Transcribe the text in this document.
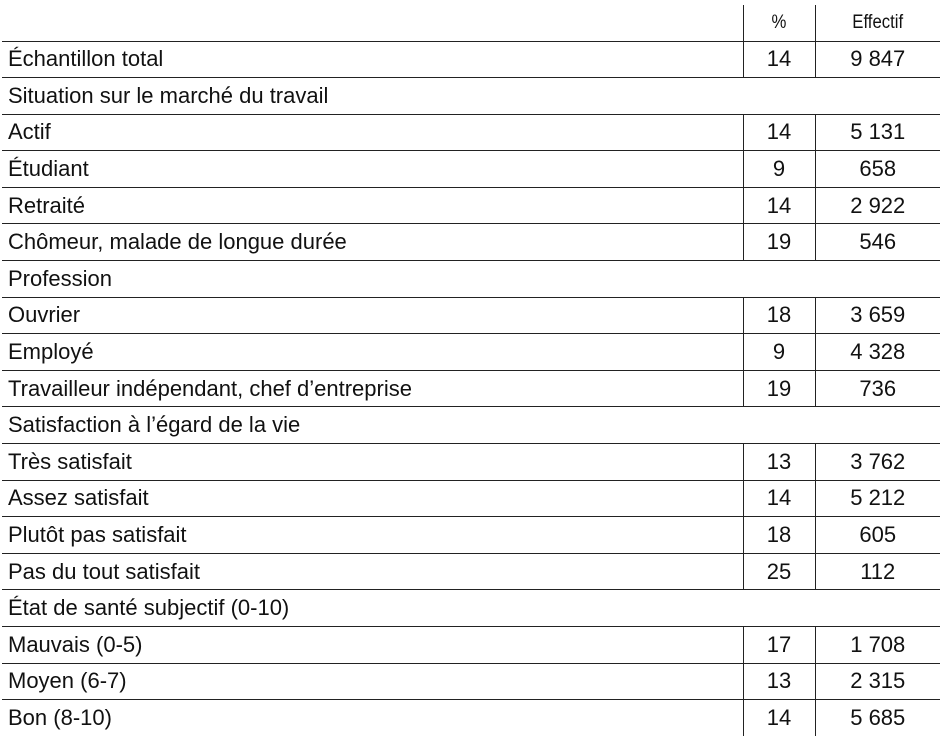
	%	Effectif
Échantillon total	14	9 847
Situation sur le marché du travail		
Actif	14	5 131
Étudiant	9	658
Retraité	14	2 922
Chômeur, malade de longue durée	19	546
Profession		
Ouvrier	18	3 659
Employé	9	4 328
Travailleur indépendant, chef d’entreprise	19	736
Satisfaction à l’égard de la vie		
Très satisfait	13	3 762
Assez satisfait	14	5 212
Plutôt pas satisfait	18	605
Pas du tout satisfait	25	112
État de santé subjectif (0-10)		
Mauvais (0-5)	17	1 708
Moyen (6-7)	13	2 315
Bon (8-10)	14	5 685
